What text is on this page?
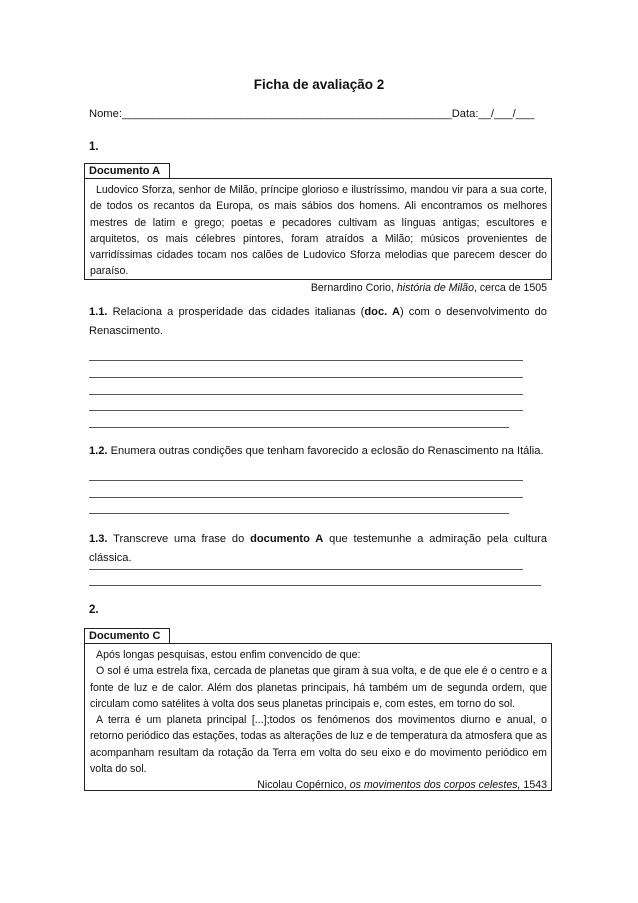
Ficha de avaliação 2
Nome:_____________________________________________________Data:__/___/___
1.
Documento A

Ludovico Sforza, senhor de Milão, príncipe glorioso e ilustríssimo, mandou vir para a sua corte, de todos os recantos da Europa, os mais sábios dos homens. Ali encontramos os melhores mestres de latim e grego; poetas e pecadores cultivam as línguas antigas; escultores e arquitetos, os mais célebres pintores, foram atraídos a Milão; músicos provenientes de varridíssimas cidades tocam nos calões de Ludovico Sforza melodias que parecem descer do paraíso.

Bernardino Corio, história de Milão, cerca de 1505

1.1. Relaciona a prosperidade das cidades italianas (doc. A) com o desenvolvimento do Renascimento.
1.2. Enumera outras condições que tenham favorecido a eclosão do Renascimento na Itália.
1.3. Transcreve uma frase do documento A que testemunhe a admiração pela cultura clássica.
2.
Documento C

Após longas pesquisas, estou enfim convencido de que:

O sol é uma estrela fixa, cercada de planetas que giram à sua volta, e de que ele é o centro e a fonte de luz e de calor. Além dos planetas principais, há também um de segunda ordem, que circulam como satélites à volta dos seus planetas principais e, com estes, em torno do sol.

A terra é um planeta principal [...];todos os fenómenos dos movimentos diurno e anual, o retorno periódico das estações, todas as alterações de luz e de temperatura da atmosfera que as acompanham resultam da rotação da Terra em volta do seu eixo e do movimento periódico em volta do sol.

Nicolau Copérnico, os movimentos dos corpos celestes, 1543
